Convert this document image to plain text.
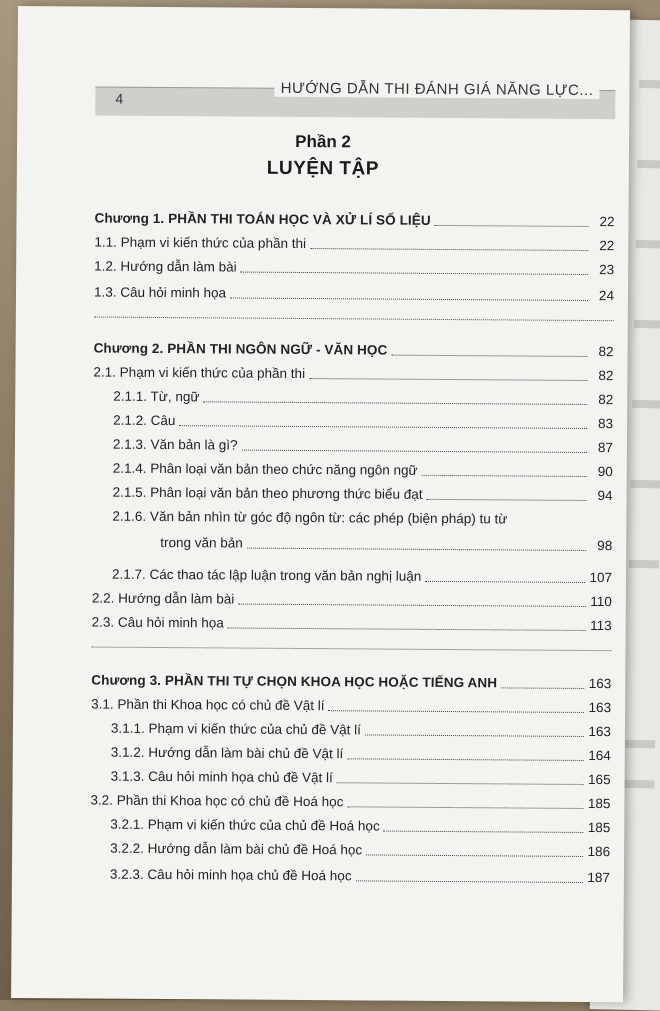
4	HƯỚNG DẪN THI ĐÁNH GIÁ NĂNG LỰC...
Phần 2
LUYỆN TẬP
Chương 1. PHẦN THI TOÁN HỌC VÀ XỬ LÍ SỐ LIỆU	22
1.1. Phạm vi kiến thức của phần thi	22
1.2. Hướng dẫn làm bài	23
1.3. Câu hỏi minh họa	24
Chương 2. PHẦN THI NGÔN NGỮ - VĂN HỌC	82
2.1. Phạm vi kiến thức của phần thi	82
2.1.1. Từ, ngữ	82
2.1.2. Câu	83
2.1.3. Văn bản là gì?	87
2.1.4. Phân loại văn bản theo chức năng ngôn ngữ	90
2.1.5. Phân loại văn bản theo phương thức biểu đạt	94
2.1.6. Văn bản nhìn từ góc độ ngôn từ: các phép (biện pháp) tu từ
trong văn bản	98
2.1.7. Các thao tác lập luận trong văn bản nghị luận	107
2.2. Hướng dẫn làm bài	110
2.3. Câu hỏi minh họa	113
Chương 3. PHẦN THI TỰ CHỌN KHOA HỌC HOẶC TIẾNG ANH	163
3.1. Phần thi Khoa học có chủ đề Vật lí	163
3.1.1. Phạm vi kiến thức của chủ đề Vật lí	163
3.1.2. Hướng dẫn làm bài chủ đề Vật lí	164
3.1.3. Câu hỏi minh họa chủ đề Vật lí	165
3.2. Phần thi Khoa học có chủ đề Hoá học	185
3.2.1. Phạm vi kiến thức của chủ đề Hoá học	185
3.2.2. Hướng dẫn làm bài chủ đề Hoá học	186
3.2.3. Câu hỏi minh họa chủ đề Hoá học	187
